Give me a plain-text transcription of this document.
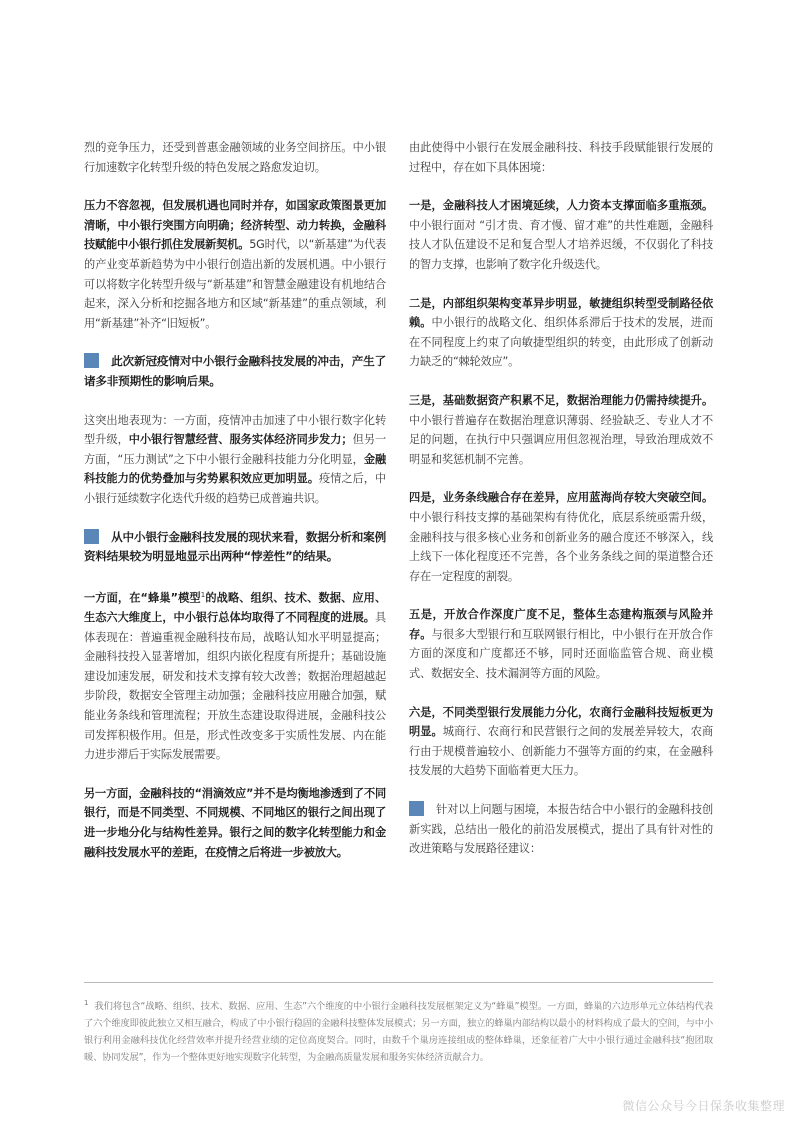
烈的竞争压力，还受到普惠金融领域的业务空间挤压。中小银行加速数字化转型升级的特色发展之路愈发迫切。

压力不容忽视，但发展机遇也同时并存，如国家政策图景更加清晰，中小银行突围方向明确；经济转型、动力转换，金融科技赋能中小银行抓住发展新契机。5G时代，以“新基建”为代表的产业变革新趋势为中小银行创造出新的发展机遇。中小银行可以将数字化转型升级与“新基建”和智慧金融建设有机地结合起来，深入分析和挖掘各地方和区域“新基建”的重点领域，利用“新基建”补齐“旧短板”。

此次新冠疫情对中小银行金融科技发展的冲击，产生了诸多非预期性的影响后果。

这突出地表现为：一方面，疫情冲击加速了中小银行数字化转型升级，中小银行智慧经营、服务实体经济同步发力；但另一方面，“压力测试”之下中小银行金融科技能力分化明显，金融科技能力的优势叠加与劣势累积效应更加明显。疫情之后，中小银行延续数字化迭代升级的趋势已成普遍共识。

从中小银行金融科技发展的现状来看，数据分析和案例资料结果较为明显地显示出两种“悖差性”的结果。

一方面，在“蜂巢”模型$^1$的战略、组织、技术、数据、应用、生态六大维度上，中小银行总体均取得了不同程度的进展。具体表现在：普遍重视金融科技布局，战略认知水平明显提高；金融科技投入显著增加，组织内嵌化程度有所提升；基础设施建设加速发展，研发和技术支撑有较大改善；数据治理超越起步阶段，数据安全管理主动加强；金融科技应用融合加强，赋能业务条线和管理流程；开放生态建设取得进展，金融科技公司发挥积极作用。但是，形式性改变多于实质性发展、内在能力进步滞后于实际发展需要。

另一方面，金融科技的“涓滴效应”并不是均衡地渗透到了不同银行，而是不同类型、不同规模、不同地区的银行之间出现了进一步地分化与结构性差异。银行之间的数字化转型能力和金融科技发展水平的差距，在疫情之后将进一步被放大。

由此使得中小银行在发展金融科技、科技手段赋能银行发展的过程中，存在如下具体困境：

一是，金融科技人才困境延续，人力资本支撑面临多重瓶颈。中小银行面对 “引才贵、育才慢、留才难”的共性难题，金融科技人才队伍建设不足和复合型人才培养迟缓，不仅弱化了科技的智力支撑，也影响了数字化升级迭代。

二是，内部组织架构变革异步明显，敏捷组织转型受制路径依赖。中小银行的战略文化、组织体系滞后于技术的发展，进而在不同程度上约束了向敏捷型组织的转变，由此形成了创新动力缺乏的“棘轮效应”。

三是，基础数据资产积累不足，数据治理能力仍需持续提升。中小银行普遍存在数据治理意识薄弱、经验缺乏、专业人才不足的问题，在执行中只强调应用但忽视治理，导致治理成效不明显和奖惩机制不完善。

四是，业务条线融合存在差异，应用蓝海尚存较大突破空间。中小银行科技支撑的基础架构有待优化，底层系统亟需升级，金融科技与很多核心业务和创新业务的融合度还不够深入，线上线下一体化程度还不完善，各个业务条线之间的渠道整合还存在一定程度的割裂。

五是，开放合作深度广度不足，整体生态建构瓶颈与风险并存。与很多大型银行和互联网银行相比，中小银行在开放合作方面的深度和广度都还不够，同时还面临监管合规、商业模式、数据安全、技术漏洞等方面的风险。

六是，不同类型银行发展能力分化，农商行金融科技短板更为明显。城商行、农商行和民营银行之间的发展差异较大，农商行由于规模普遍较小、创新能力不强等方面的约束，在金融科技发展的大趋势下面临着更大压力。

针对以上问题与困境，本报告结合中小银行的金融科技创新实践，总结出一般化的前沿发展模式，提出了具有针对性的改进策略与发展路径建议：

$^1$ 我们将包含“战略、组织、技术、数据、应用、生态”六个维度的中小银行金融科技发展框架定义为“蜂巢”模型。一方面，蜂巢的六边形单元立体结构代表了六个维度即彼此独立又相互融合，构成了中小银行稳固的金融科技整体发展模式；另一方面，独立的蜂巢内部结构以最小的材料构成了最大的空间，与中小银行利用金融科技优化经营效率并提升经营业绩的定位高度契合。同时，由数千个巢房连接组成的整体蜂巢，还象征着广大中小银行通过金融科技“抱团取暖、协同发展”，作为一个整体更好地实现数字化转型，为金融高质量发展和服务实体经济贡献合力。
微信公众号今日保条收集整理
